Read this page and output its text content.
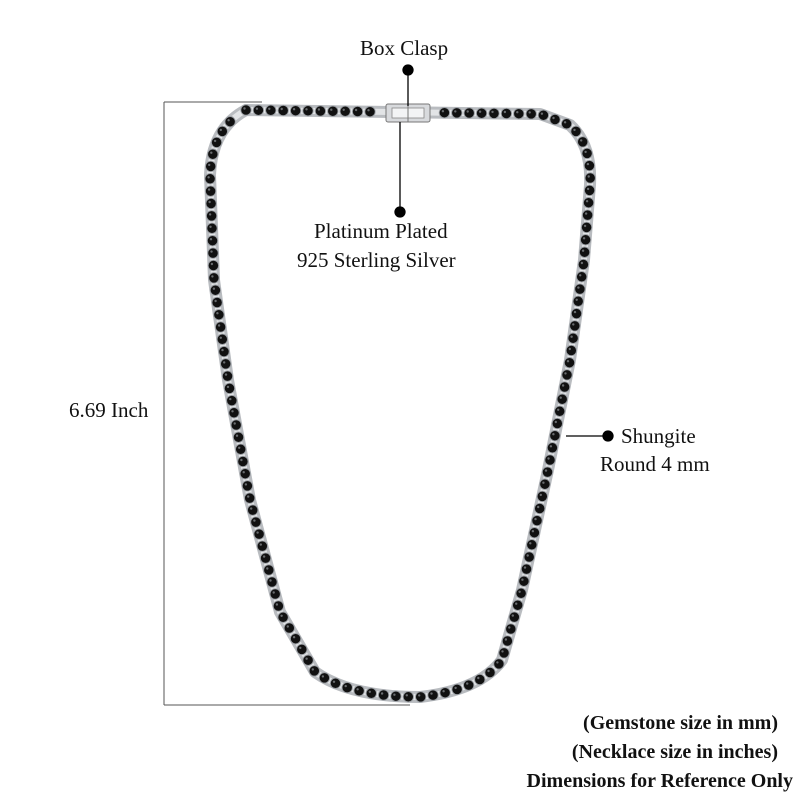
Box Clasp
Platinum Plated
925 Sterling Silver
6.69 Inch
Shungite
Round 4 mm
(Gemstone size in mm)
(Necklace size in inches)
Dimensions for Reference Only
